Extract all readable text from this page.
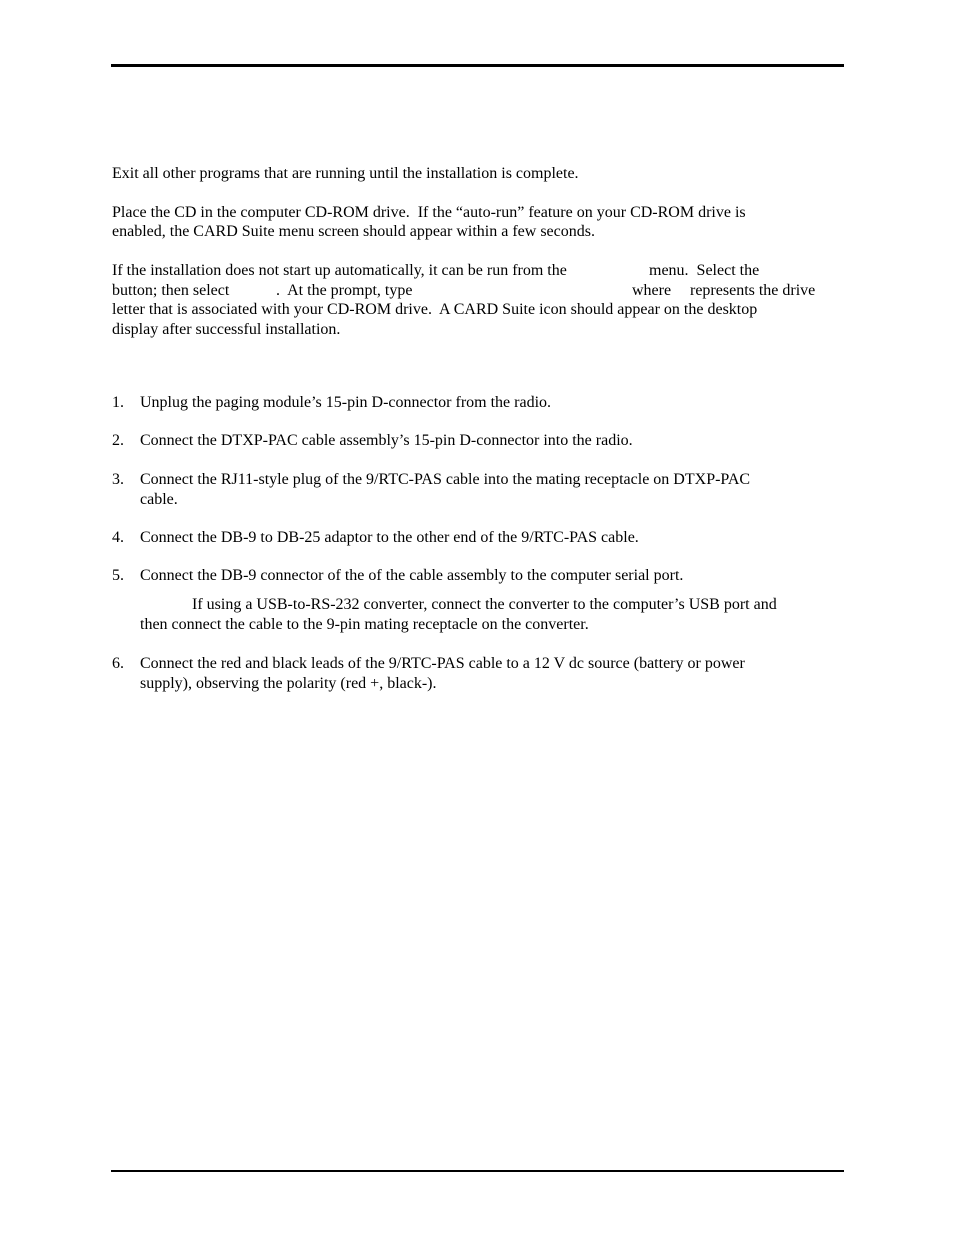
Exit all other programs that are running until the installation is complete.
Place the CD in the computer CD-ROM drive.  If the “auto-run” feature on your CD-ROM drive is
enabled, the CARD Suite menu screen should appear within a few seconds.
If the installation does not start up automatically, it can be run from the	menu.  Select the
button; then select	.  At the prompt, type	where represents the drive
letter that is associated with your CD-ROM drive.  A CARD Suite icon should appear on the desktop
display after successful installation.
1. Unplug the paging module’s 15-pin D-connector from the radio.
2. Connect the DTXP-PAC cable assembly’s 15-pin D-connector into the radio.
3. Connect the RJ11-style plug of the 9/RTC-PAS cable into the mating receptacle on DTXP-PAC
cable.
4. Connect the DB-9 to DB-25 adaptor to the other end of the 9/RTC-PAS cable.
5. Connect the DB-9 connector of the of the cable assembly to the computer serial port.
If using a USB-to-RS-232 converter, connect the converter to the computer’s USB port and
then connect the cable to the 9-pin mating receptacle on the converter.
6. Connect the red and black leads of the 9/RTC-PAS cable to a 12 V dc source (battery or power
supply), observing the polarity (red +, black-).
